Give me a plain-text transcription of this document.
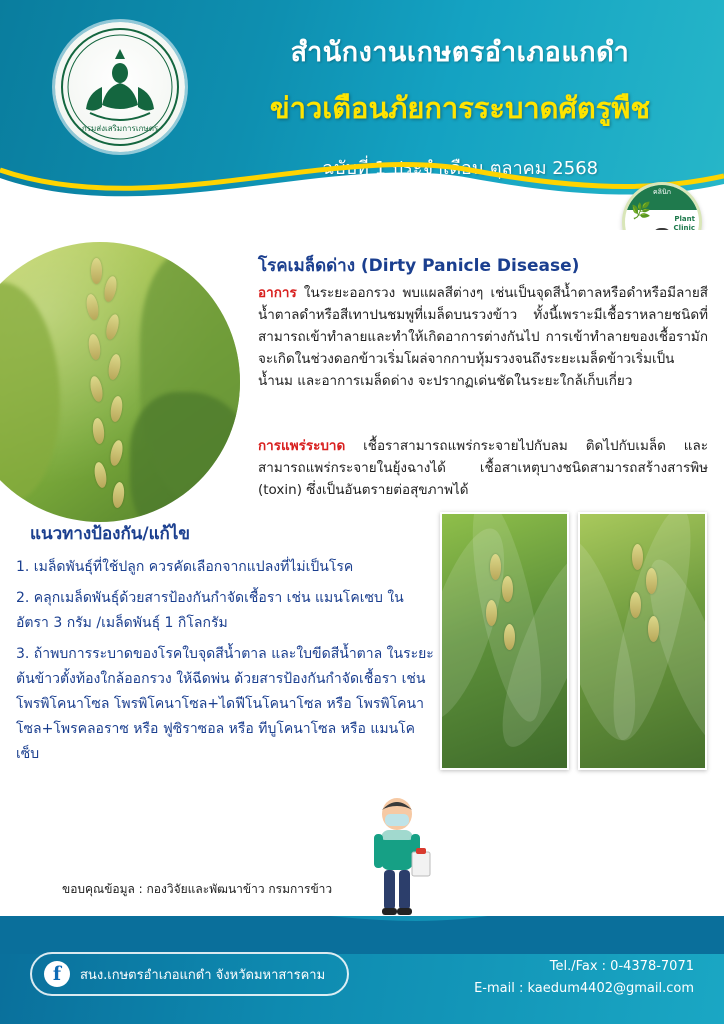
กรมส่งเสริมการเกษตร
สำนักงานเกษตรอำเภอแกดำ
ข่าวเตือนภัยการระบาดศัตรูพืช
ฉบับที่ 1 ประจำเดือน ตุลาคม 2568
คลินิก
🌿	Plant
Clinic
โรคเมล็ดด่าง (Dirty Panicle Disease)
อาการ ในระยะออกรวง พบแผลสีต่างๆ เช่นเป็นจุดสีน้ำตาลหรือดำหรือมีลายสีน้ำตาลดำหรือสีเทาปนชมพูที่เมล็ดบนรวงข้าว ทั้งนี้เพราะมีเชื้อราหลายชนิดที่สามารถเข้าทำลายและทำให้เกิดอาการต่างกันไป การเข้าทำลายของเชื้อรามักจะเกิดในช่วงดอกข้าวเริ่มโผล่จากกาบหุ้มรวงจนถึงระยะเมล็ดข้าวเริ่มเป็นน้ำนม และอาการเมล็ดด่าง จะปรากฏเด่นชัดในระยะใกล้เก็บเกี่ยว
การแพร่ระบาด เชื้อราสามารถแพร่กระจายไปกับลม ติดไปกับเมล็ด และสามารถแพร่กระจายในยุ้งฉางได้ เชื้อสาเหตุบางชนิดสามารถสร้างสารพิษ (toxin) ซึ่งเป็นอันตรายต่อสุขภาพได้
แนวทางป้องกัน/แก้ไข
1. เมล็ดพันธุ์ที่ใช้ปลูก ควรคัดเลือกจากแปลงที่ไม่เป็นโรค
2. คลุกเมล็ดพันธุ์ด้วยสารป้องกันกำจัดเชื้อรา เช่น แมนโคเซบ ในอัตรา 3 กรัม /เมล็ดพันธุ์ 1 กิโลกรัม
3. ถ้าพบการระบาดของโรคใบจุดสีน้ำตาล และใบขีดสีน้ำตาล ในระยะต้นข้าวตั้งท้องใกล้ออกรวง ให้ฉีดพ่น ด้วยสารป้องกันกำจัดเชื้อรา เช่น โพรพิโคนาโซล โพรพิโคนาโซล+ไดฟีโนโคนาโซล หรือ โพรพิโคนาโซล+โพรคลอราซ หรือ ฟูซิราซอล หรือ ทีบูโคนาโซล หรือ แมนโคเซ็บ
ขอบคุณข้อมูล : กองวิจัยและพัฒนาข้าว กรมการข้าว
f	สนง.เกษตรอำเภอแกดำ จังหวัดมหาสารคาม
Tel./Fax : 0-4378-7071
E-mail : kaedum4402@gmail.com
